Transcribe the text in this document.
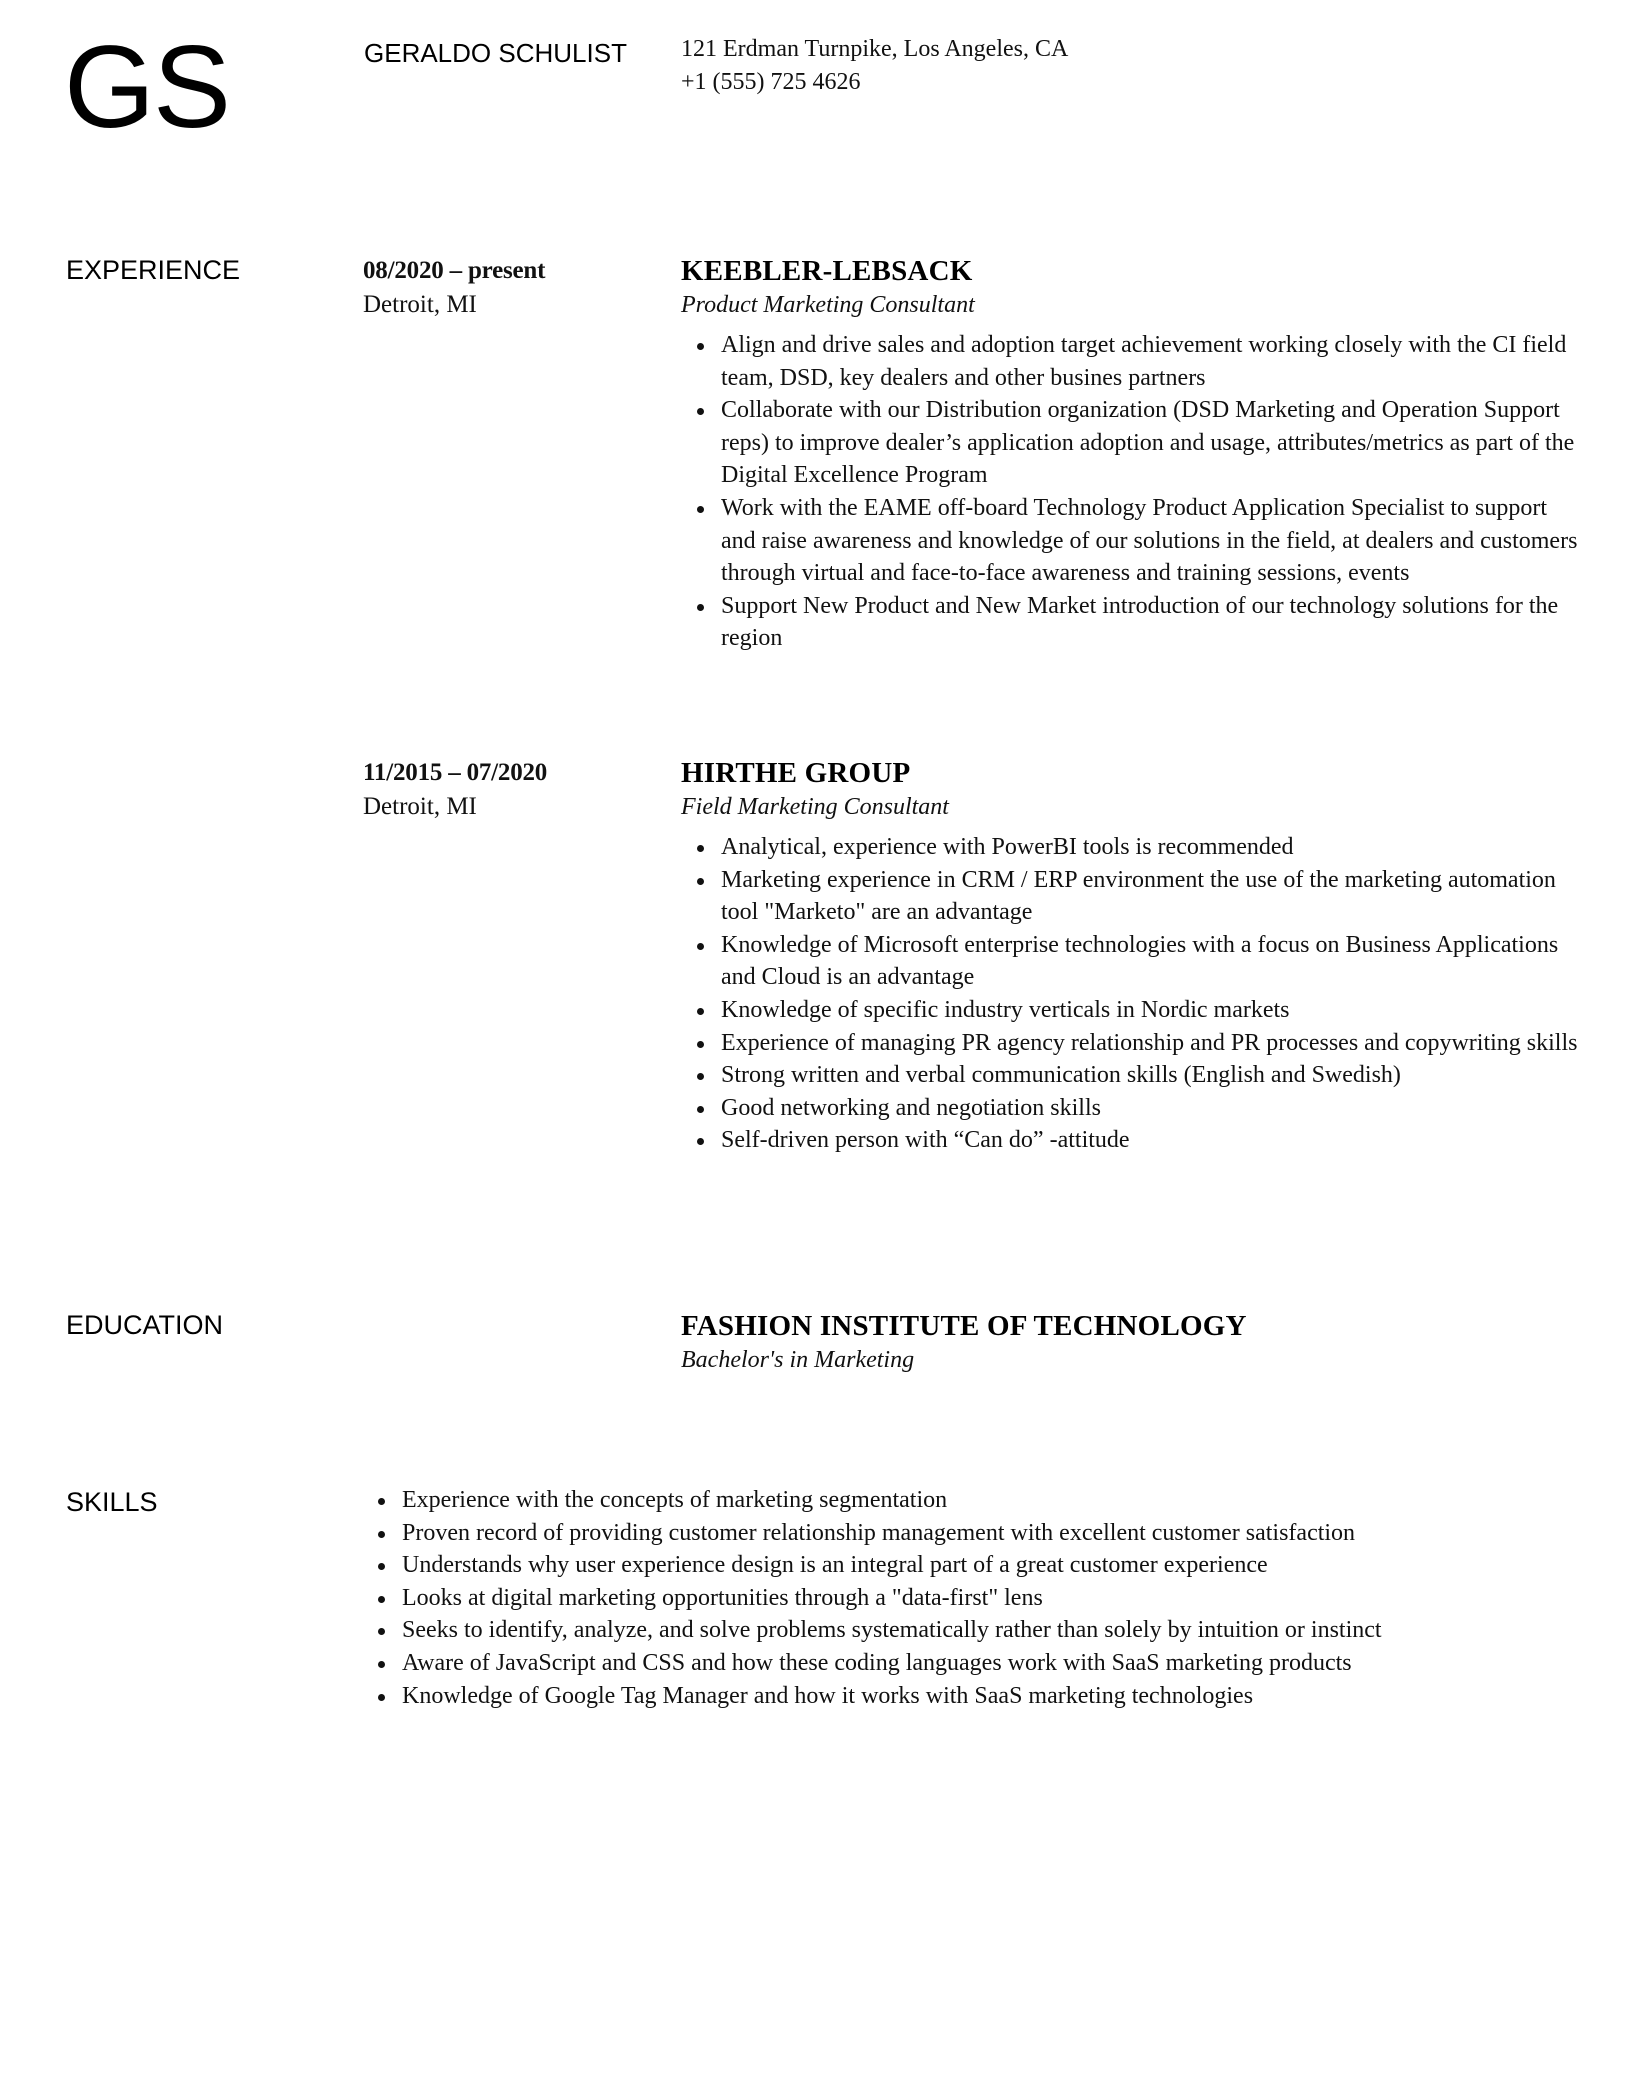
GS	GERALDO SCHULIST 121 Erdman Turnpike, Los Angeles, CA
+1 (555) 725 4626
EXPERIENCE	08/2020 – present
Detroit, MI
KEEBLER-LEBSACK
Product Marketing Consultant
Align and drive sales and adoption target achievement working closely with the CI field team, DSD, key dealers and other busines partners
Collaborate with our Distribution organization (DSD Marketing and Operation Support reps) to improve dealer’s application adoption and usage, attributes/metrics as part of the Digital Excellence Program
Work with the EAME off-board Technology Product Application Specialist to support and raise awareness and knowledge of our solutions in the field, at dealers and customers through virtual and face-to-face awareness and training sessions, events
Support New Product and New Market introduction of our technology solutions for the region
11/2015 – 07/2020
Detroit, MI
HIRTHE GROUP
Field Marketing Consultant
Analytical, experience with PowerBI tools is recommended
Marketing experience in CRM / ERP environment the use of the marketing automation tool "Marketo" are an advantage
Knowledge of Microsoft enterprise technologies with a focus on Business Applications and Cloud is an advantage
Knowledge of specific industry verticals in Nordic markets
Experience of managing PR agency relationship and PR processes and copywriting skills
Strong written and verbal communication skills (English and Swedish)
Good networking and negotiation skills
Self-driven person with “Can do” -attitude
EDUCATION	FASHION INSTITUTE OF TECHNOLOGY
Bachelor's in Marketing
SKILLS	Experience with the concepts of marketing segmentation
Proven record of providing customer relationship management with excellent customer satisfaction
Understands why user experience design is an integral part of a great customer experience
Looks at digital marketing opportunities through a "data-first" lens
Seeks to identify, analyze, and solve problems systematically rather than solely by intuition or instinct
Aware of JavaScript and CSS and how these coding languages work with SaaS marketing products
Knowledge of Google Tag Manager and how it works with SaaS marketing technologies
